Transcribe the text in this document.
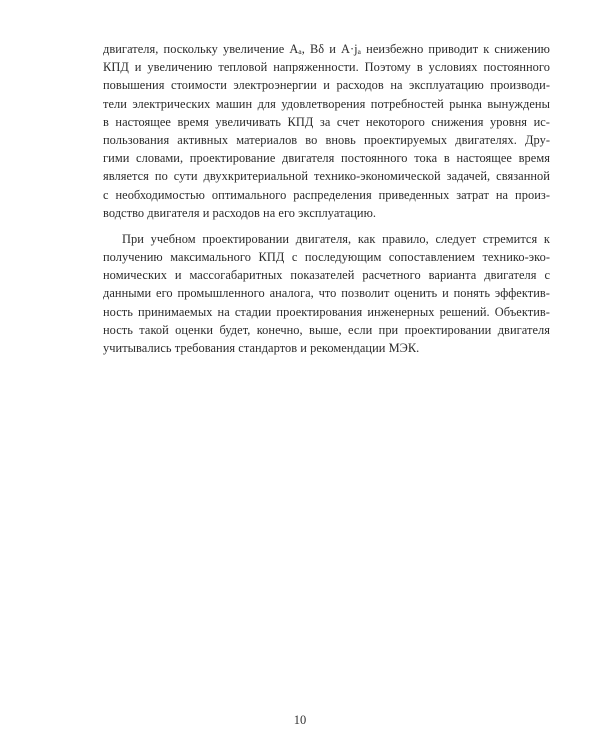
двигателя, поскольку увеличение Aₐ, Bδ и A·jₐ неизбежно приводит к снижению
КПД и увеличению тепловой напряженности. Поэтому в условиях постоянного
повышения стоимости электроэнергии и расходов на эксплуатацию производи-
тели электрических машин для удовлетворения потребностей рынка вынуждены
в настоящее время увеличивать КПД за счет некоторого снижения уровня ис-
пользования активных материалов во вновь проектируемых двигателях. Дру-
гими словами, проектирование двигателя постоянного тока в настоящее время
является по сути двухкритериальной технико-экономической задачей, связанной
с необходимостью оптимального распределения приведенных затрат на произ-
водство двигателя и расходов на его эксплуатацию.
При учебном проектировании двигателя, как правило, следует стремится к
получению максимального КПД с последующим сопоставлением технико-эко-
номических и массогабаритных показателей расчетного варианта двигателя с
данными его промышленного аналога, что позволит оценить и понять эффектив-
ность принимаемых на стадии проектирования инженерных решений. Объектив-
ность такой оценки будет, конечно, выше, если при проектировании двигателя
учитывались требования стандартов и рекомендации МЭК.
10
